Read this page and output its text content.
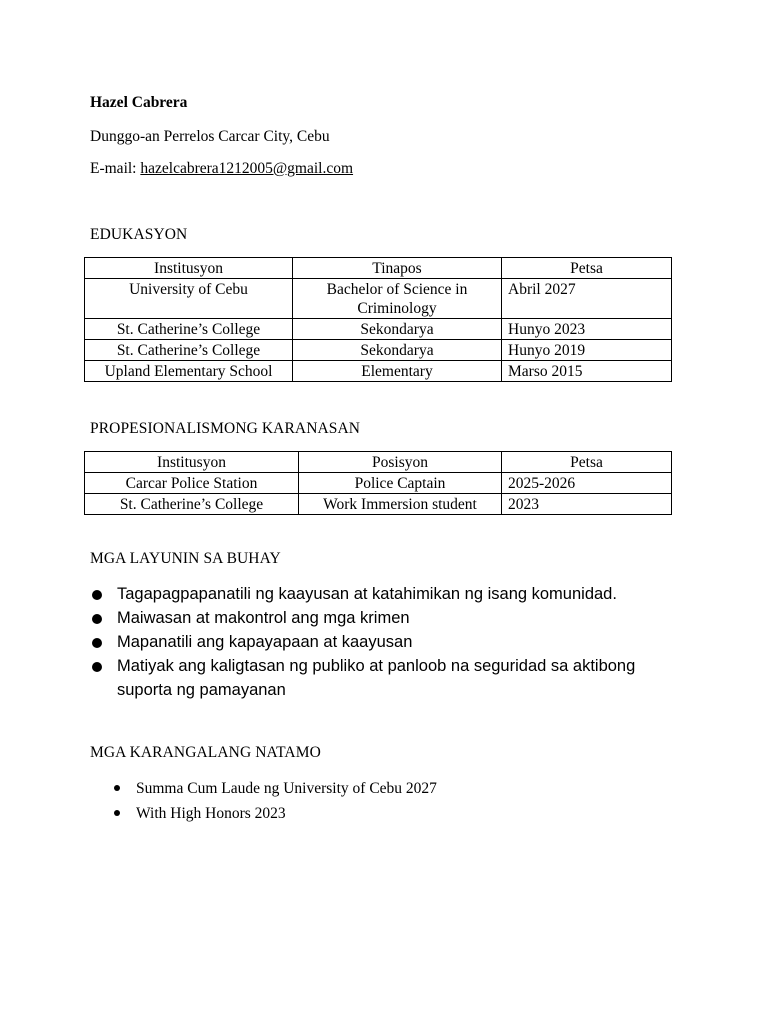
Hazel Cabrera
Dunggo-an Perrelos Carcar City, Cebu
E-mail: hazelcabrera1212005@gmail.com
EDUKASYON
Institusyon	Tinapos	Petsa
University of Cebu	Bachelor of Science in Criminology	Abril 2027
St. Catherine’s College	Sekondarya	Hunyo 2023
St. Catherine’s College	Sekondarya	Hunyo 2019
Upland Elementary School	Elementary	Marso 2015
PROPESIONALISMONG KARANASAN
Institusyon	Posisyon	Petsa
Carcar Police Station	Police Captain	2025-2026
St. Catherine’s College	Work Immersion student	2023
MGA LAYUNIN SA BUHAY
Tagapagpapanatili ng kaayusan at katahimikan ng isang komunidad.
Maiwasan at makontrol ang mga krimen
Mapanatili ang kapayapaan at kaayusan
Matiyak ang kaligtasan ng publiko at panloob na seguridad sa aktibong suporta ng pamayanan
MGA KARANGALANG NATAMO
Summa Cum Laude ng University of Cebu 2027
With High Honors 2023
